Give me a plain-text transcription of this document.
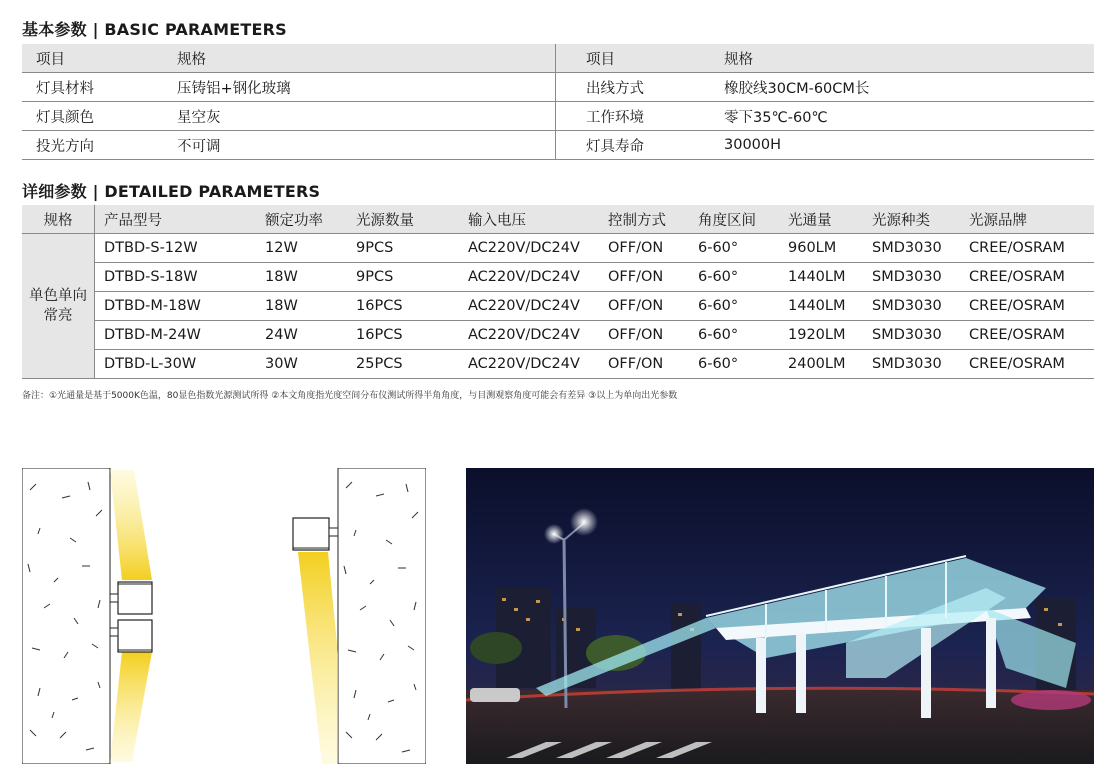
基本参数 | BASIC PARAMETERS
项目	规格	项目	规格
灯具材料	压铸铝+钢化玻璃	出线方式	橡胶线30CM-60CM长
灯具颜色	星空灰	工作环境	零下35℃-60℃
投光方向	不可调	灯具寿命	30000H
详细参数 | DETAILED PARAMETERS
规格	产品型号	额定功率	光源数量	输入电压	控制方式	角度区间	光通量	光源种类	光源品牌
单色单向
常亮	DTBD-S-12W	12W	9PCS	AC220V/DC24V	OFF/ON	6-60°	960LM	SMD3030	CREE/OSRAM
	DTBD-S-18W	18W	9PCS	AC220V/DC24V	OFF/ON	6-60°	1440LM	SMD3030	CREE/OSRAM
	DTBD-M-18W	18W	16PCS	AC220V/DC24V	OFF/ON	6-60°	1440LM	SMD3030	CREE/OSRAM
	DTBD-M-24W	24W	16PCS	AC220V/DC24V	OFF/ON	6-60°	1920LM	SMD3030	CREE/OSRAM
	DTBD-L-30W	30W	25PCS	AC220V/DC24V	OFF/ON	6-60°	2400LM	SMD3030	CREE/OSRAM
备注：①光通量是基于5000K色温，80显色指数光源测试所得 ②本文角度指光度空间分布仪测试所得半角角度，与目测观察角度可能会有差异 ③以上为单向出光参数
